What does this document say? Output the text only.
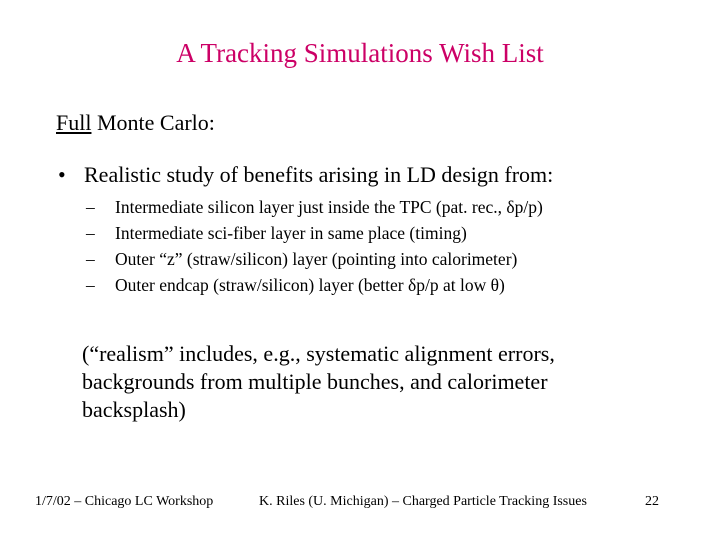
A Tracking Simulations Wish List
Full Monte Carlo:
• Realistic study of benefits arising in LD design from:
– Intermediate silicon layer just inside the TPC (pat. rec., δp/p)
– Intermediate sci-fiber layer in same place (timing)
– Outer “z” (straw/silicon) layer (pointing into calorimeter)
– Outer endcap (straw/silicon) layer (better δp/p at low θ)
(“realism” includes, e.g., systematic alignment errors,
backgrounds from multiple bunches, and calorimeter
backsplash)
1/7/02 – Chicago LC Workshop	K. Riles (U. Michigan) – Charged Particle Tracking Issues	22
